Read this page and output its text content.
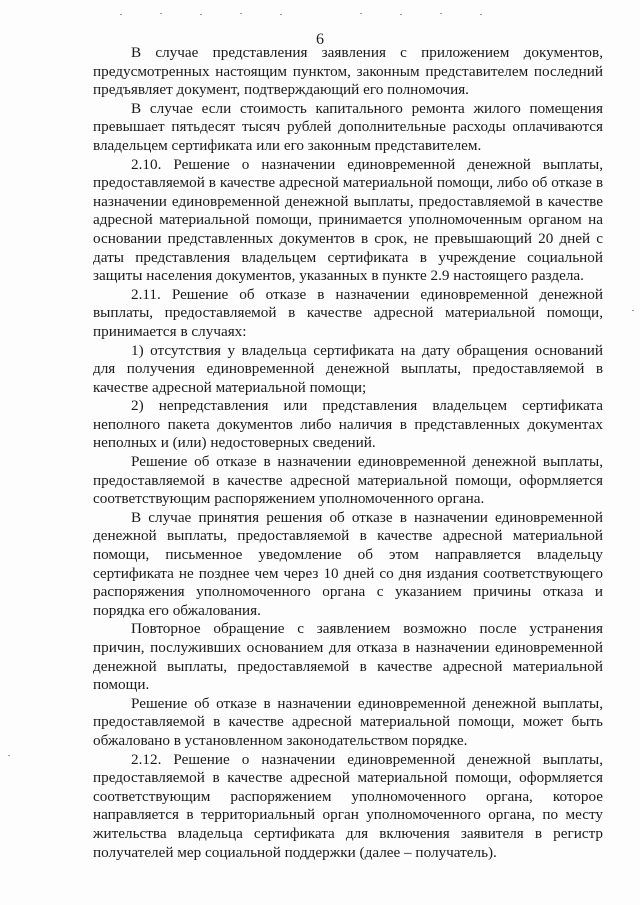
6

В случае представления заявления с приложением документов, предусмотренных настоящим пунктом, законным представителем последний предъявляет документ, подтверждающий его полномочия.

В случае если стоимость капитального ремонта жилого помещения превышает пятьдесят тысяч рублей дополнительные расходы оплачиваются владельцем сертификата или его законным представителем.

2.10. Решение о назначении единовременной денежной выплаты, предоставляемой в качестве адресной материальной помощи, либо об отказе в назначении единовременной денежной выплаты, предоставляемой в качестве адресной материальной помощи, принимается уполномоченным органом на основании представленных документов в срок, не превышающий 20 дней с даты представления владельцем сертификата в учреждение социальной защиты населения документов, указанных в пункте 2.9 настоящего раздела.

2.11. Решение об отказе в назначении единовременной денежной выплаты, предоставляемой в качестве адресной материальной помощи, принимается в случаях:

1) отсутствия у владельца сертификата на дату обращения оснований для получения единовременной денежной выплаты, предоставляемой в качестве адресной материальной помощи;

2) непредставления или представления владельцем сертификата неполного пакета документов либо наличия в представленных документах неполных и (или) недостоверных сведений.

Решение об отказе в назначении единовременной денежной выплаты, предоставляемой в качестве адресной материальной помощи, оформляется соответствующим распоряжением уполномоченного органа.

В случае принятия решения об отказе в назначении единовременной денежной выплаты, предоставляемой в качестве адресной материальной помощи, письменное уведомление об этом направляется владельцу сертификата не позднее чем через 10 дней со дня издания соответствующего распоряжения уполномоченного органа с указанием причины отказа и порядка его обжалования.

Повторное обращение с заявлением возможно после устранения причин, послуживших основанием для отказа в назначении единовременной денежной выплаты, предоставляемой в качестве адресной материальной помощи.

Решение об отказе в назначении единовременной денежной выплаты, предоставляемой в качестве адресной материальной помощи, может быть обжаловано в установленном законодательством порядке.

2.12. Решение о назначении единовременной денежной выплаты, предоставляемой в качестве адресной материальной помощи, оформляется соответствующим распоряжением уполномоченного органа, которое направляется в территориальный орган уполномоченного органа, по месту жительства владельца сертификата для включения заявителя в регистр получателей мер социальной поддержки (далее – получатель).
